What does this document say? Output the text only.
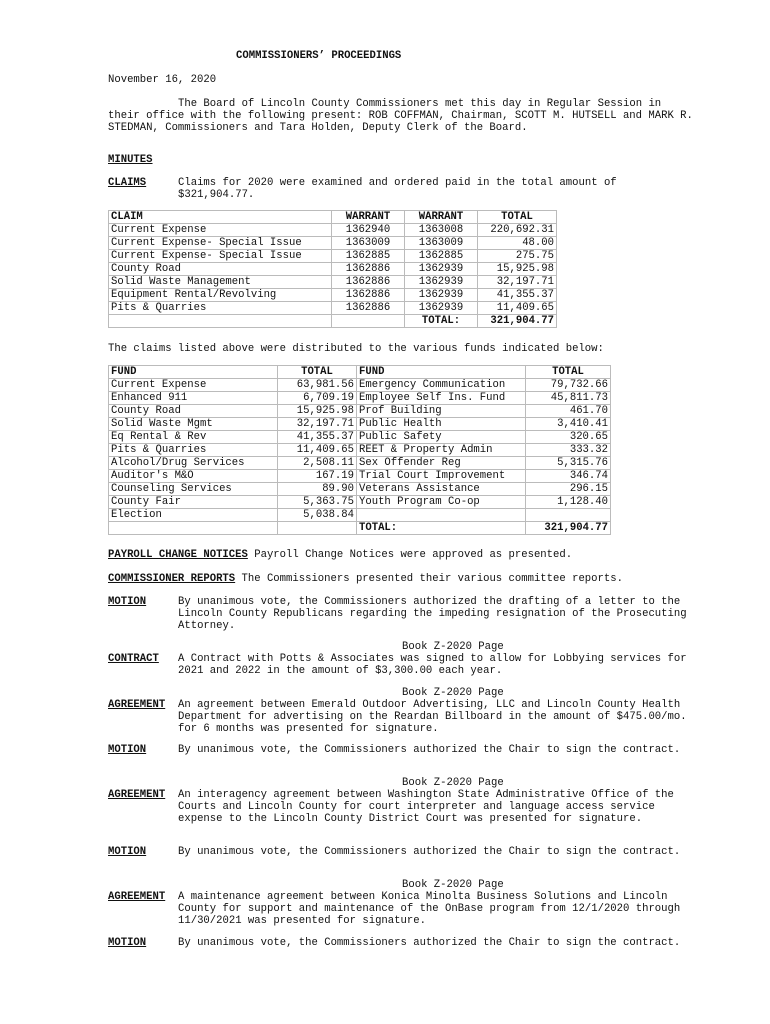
COMMISSIONERS’ PROCEEDINGS
November 16, 2020
The Board of Lincoln County Commissioners met this day in Regular Session in their office with the following present: ROB COFFMAN, Chairman, SCOTT M. HUTSELL and MARK R. STEDMAN, Commissioners and Tara Holden, Deputy Clerk of the Board.
MINUTES
CLAIMS	Claims for 2020 were examined and ordered paid in the total amount of
$321,904.77.
CLAIM	WARRANT	WARRANT	TOTAL
Current Expense	1362940	1363008	220,692.31
Current Expense- Special Issue	1363009	1363009	48.00
Current Expense- Special Issue	1362885	1362885	275.75
County Road	1362886	1362939	15,925.98
Solid Waste Management	1362886	1362939	32,197.71
Equipment Rental/Revolving	1362886	1362939	41,355.37
Pits & Quarries	1362886	1362939	11,409.65
		TOTAL:	321,904.77
The claims listed above were distributed to the various funds indicated below:
FUND	TOTAL	FUND	TOTAL
Current Expense	63,981.56	Emergency Communication	79,732.66
Enhanced 911	6,709.19	Employee Self Ins. Fund	45,811.73
County Road	15,925.98	Prof Building	461.70
Solid Waste Mgmt	32,197.71	Public Health	3,410.41
Eq Rental & Rev	41,355.37	Public Safety	320.65
Pits & Quarries	11,409.65	REET & Property Admin	333.32
Alcohol/Drug Services	2,508.11	Sex Offender Reg	5,315.76
Auditor's M&O	167.19	Trial Court Improvement	346.74
Counseling Services	89.90	Veterans Assistance	296.15
County Fair	5,363.75	Youth Program Co-op	1,128.40
Election	5,038.84		
		TOTAL:	321,904.77
PAYROLL CHANGE NOTICES Payroll Change Notices were approved as presented.
COMMISSIONER REPORTS The Commissioners presented their various committee reports.
MOTION	By unanimous vote, the Commissioners authorized the drafting of a letter to the Lincoln County Republicans regarding the impeding resignation of the Prosecuting Attorney.
Book Z-2020 Page
CONTRACT A Contract with Potts & Associates was signed to allow for Lobbying services for 2021 and 2022 in the amount of $3,300.00 each year.
Book Z-2020 Page
AGREEMENT An agreement between Emerald Outdoor Advertising, LLC and Lincoln County Health Department for advertising on the Reardan Billboard in the amount of $475.00/mo. for 6 months was presented for signature.
MOTION	By unanimous vote, the Commissioners authorized the Chair to sign the contract.
Book Z-2020 Page
AGREEMENT An interagency agreement between Washington State Administrative Office of the Courts and Lincoln County for court interpreter and language access service expense to the Lincoln County District Court was presented for signature.
MOTION	By unanimous vote, the Commissioners authorized the Chair to sign the contract.
Book Z-2020 Page
AGREEMENT A maintenance agreement between Konica Minolta Business Solutions and Lincoln County for support and maintenance of the OnBase program from 12/1/2020 through 11/30/2021 was presented for signature.
MOTION	By unanimous vote, the Commissioners authorized the Chair to sign the contract.
